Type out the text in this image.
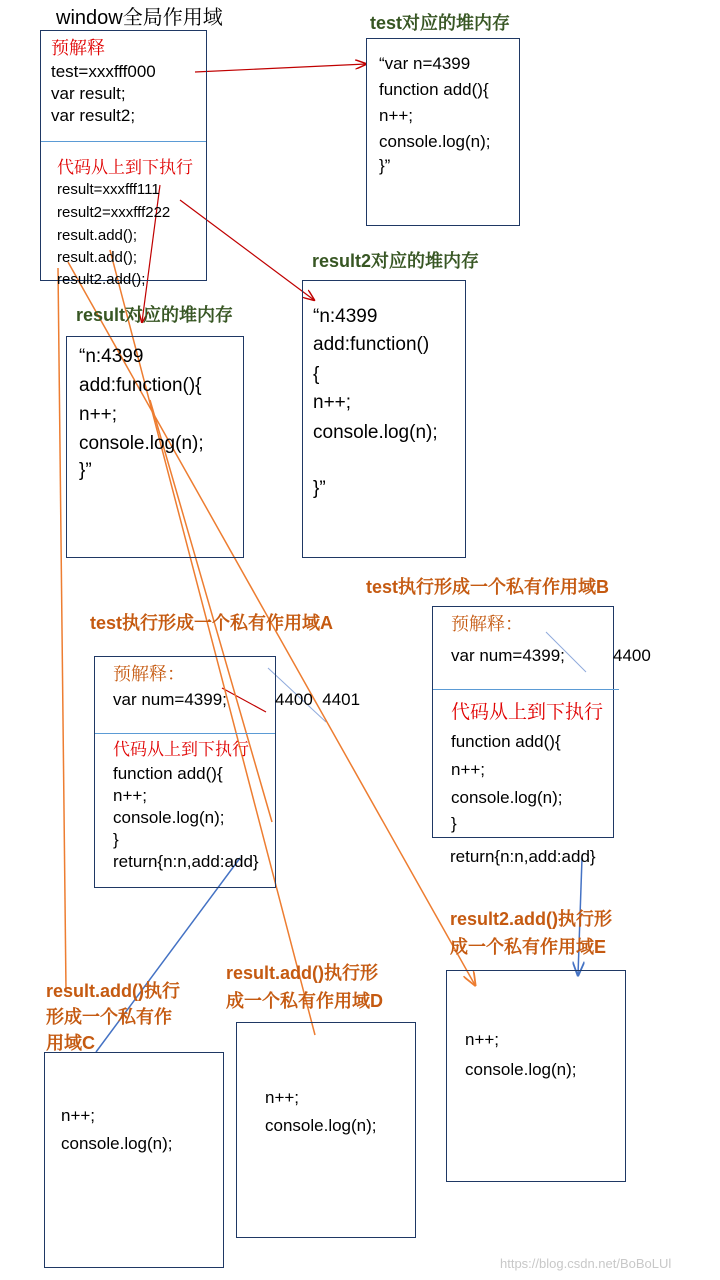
window全局作用域
预解释
test=xxxfff000
var result;
var result2;
代码从上到下执行
result=xxxfff111
result2=xxxfff222
result.add();
result.add();
result2.add();
test对应的堆内存
“var n=4399
function add(){
n++;
console.log(n);
}”
result2对应的堆内存
“n:4399
add:function()
{
n++;
console.log(n);
}”
result对应的堆内存
“n:4399
add:function(){
n++;
console.log(n);
}”
test执行形成一个私有作用域B
预解释：
var num=4399;	4400
代码从上到下执行
function add(){
n++;
console.log(n);
}
return{n:n,add:add}
test执行形成一个私有作用域A
预解释：
var num=4399;	4400  4401
代码从上到下执行
function add(){
n++;
console.log(n);
}
return{n:n,add:add}
result2.add()执行形
成一个私有作用域E
n++;
console.log(n);
result.add()执行形
成一个私有作用域D
n++;
console.log(n);
result.add()执行
形成一个私有作
用域C
n++;
console.log(n);
https://blog.csdn.net/BoBoLUl
